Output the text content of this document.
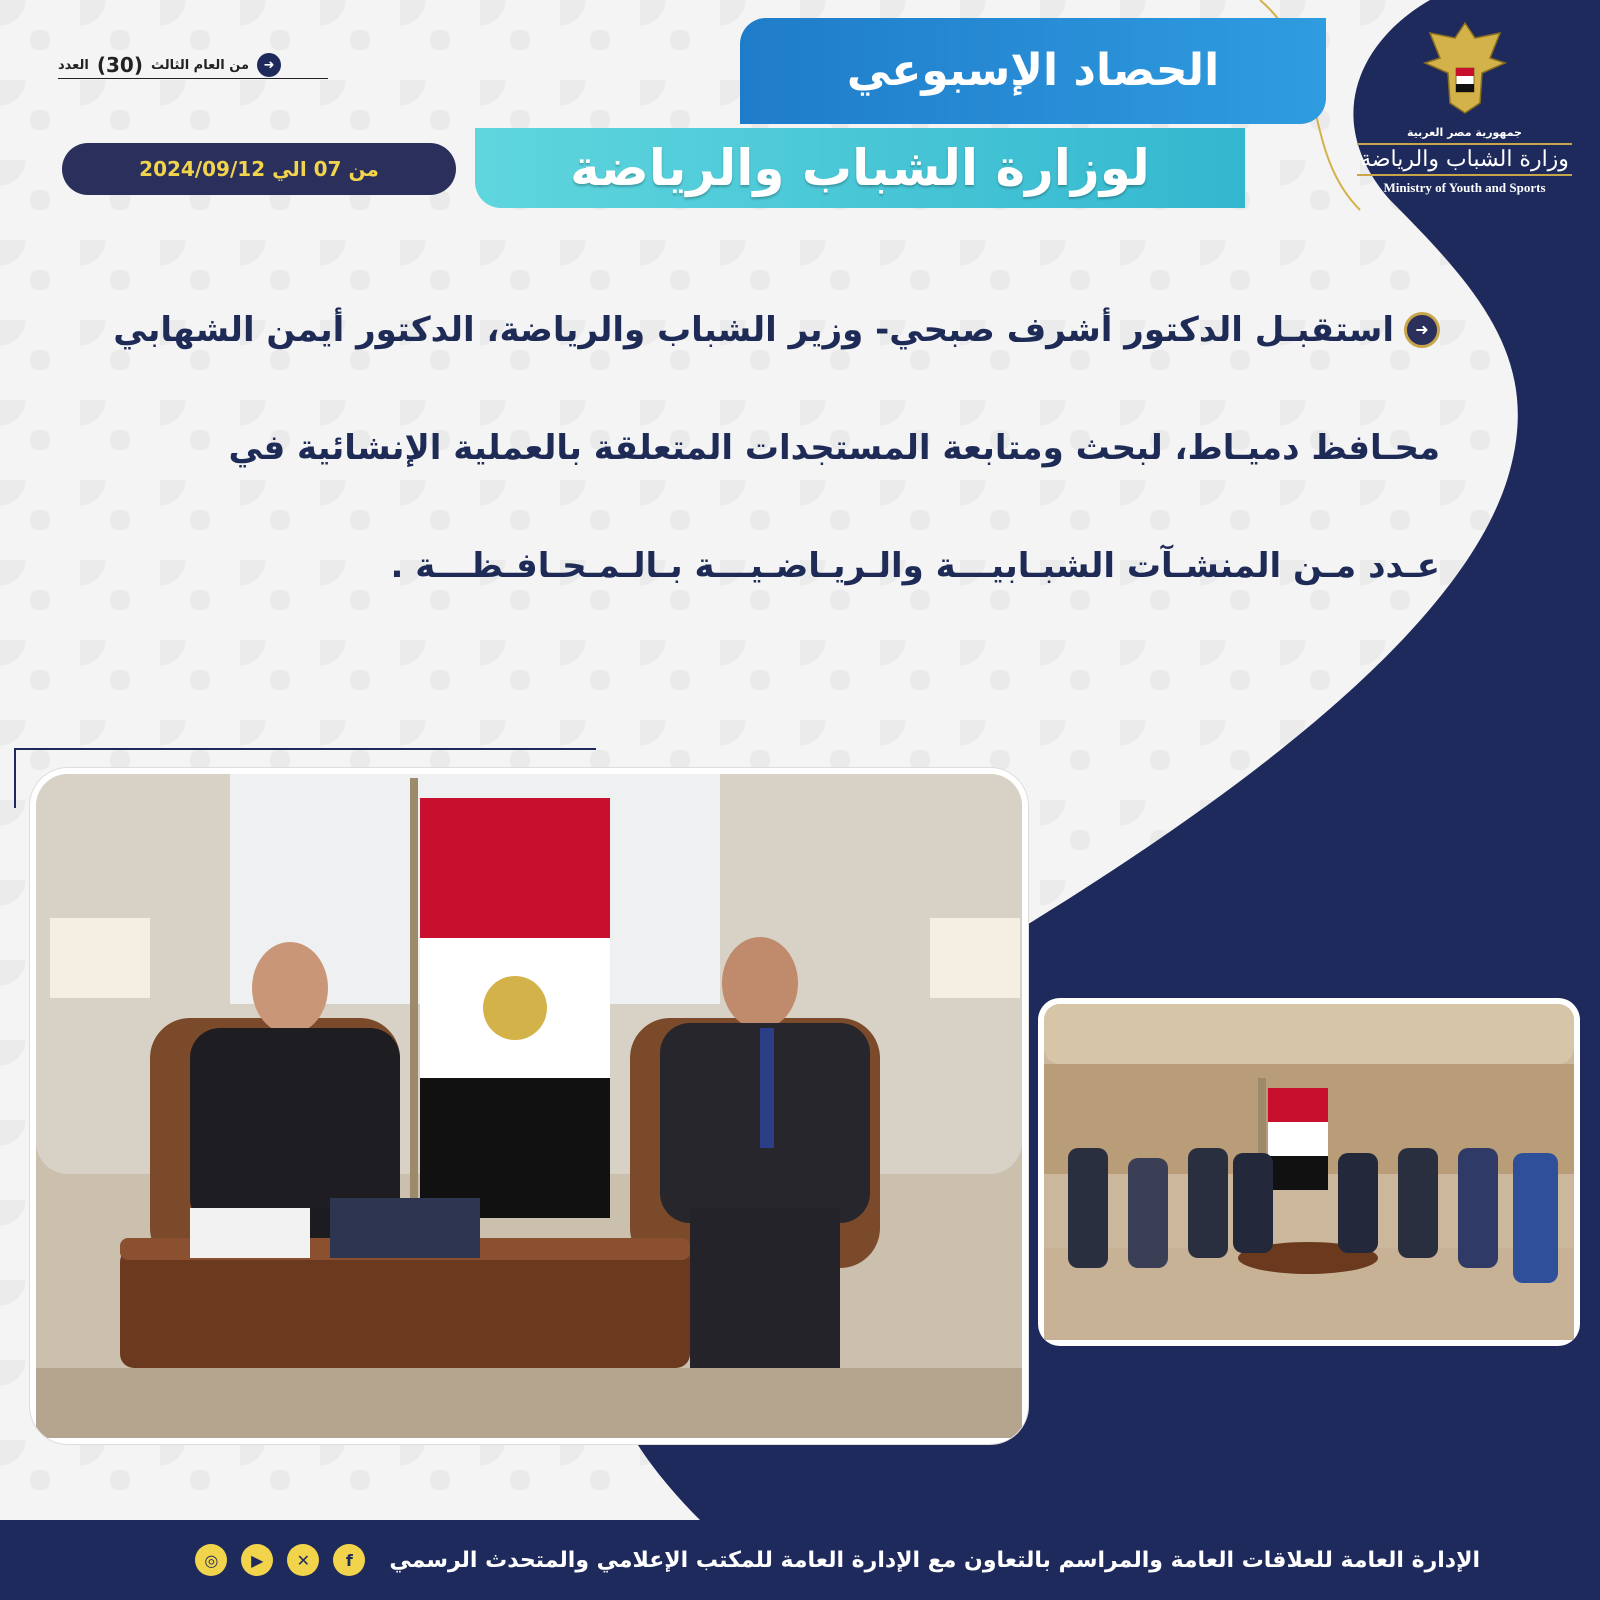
جمهورية مصر العربية
وزارة الشباب والرياضة
Ministry of Youth and Sports
الحصاد الإسبوعي
لوزارة الشباب والرياضة
العدد (30) من العام الثالث	➜
من 07 الي 2024/09/12
➜
استقبـل الدكتور أشرف صبحي- وزير الشباب والرياضة، الدكتور أيمن الشهابي
محـافظ دميـاط، لبحث ومتابعة المستجدات المتعلقة بالعملية الإنشائية في
عـدد مـن المنشـآت الشبـابيـــة والـريـاضـيـــة بـالـمـحـافـظـــة .
الإدارة العامة للعلاقات العامة والمراسم بالتعاون مع الإدارة العامة للمكتب الإعلامي والمتحدث الرسمي
◎	▶	✕	f
